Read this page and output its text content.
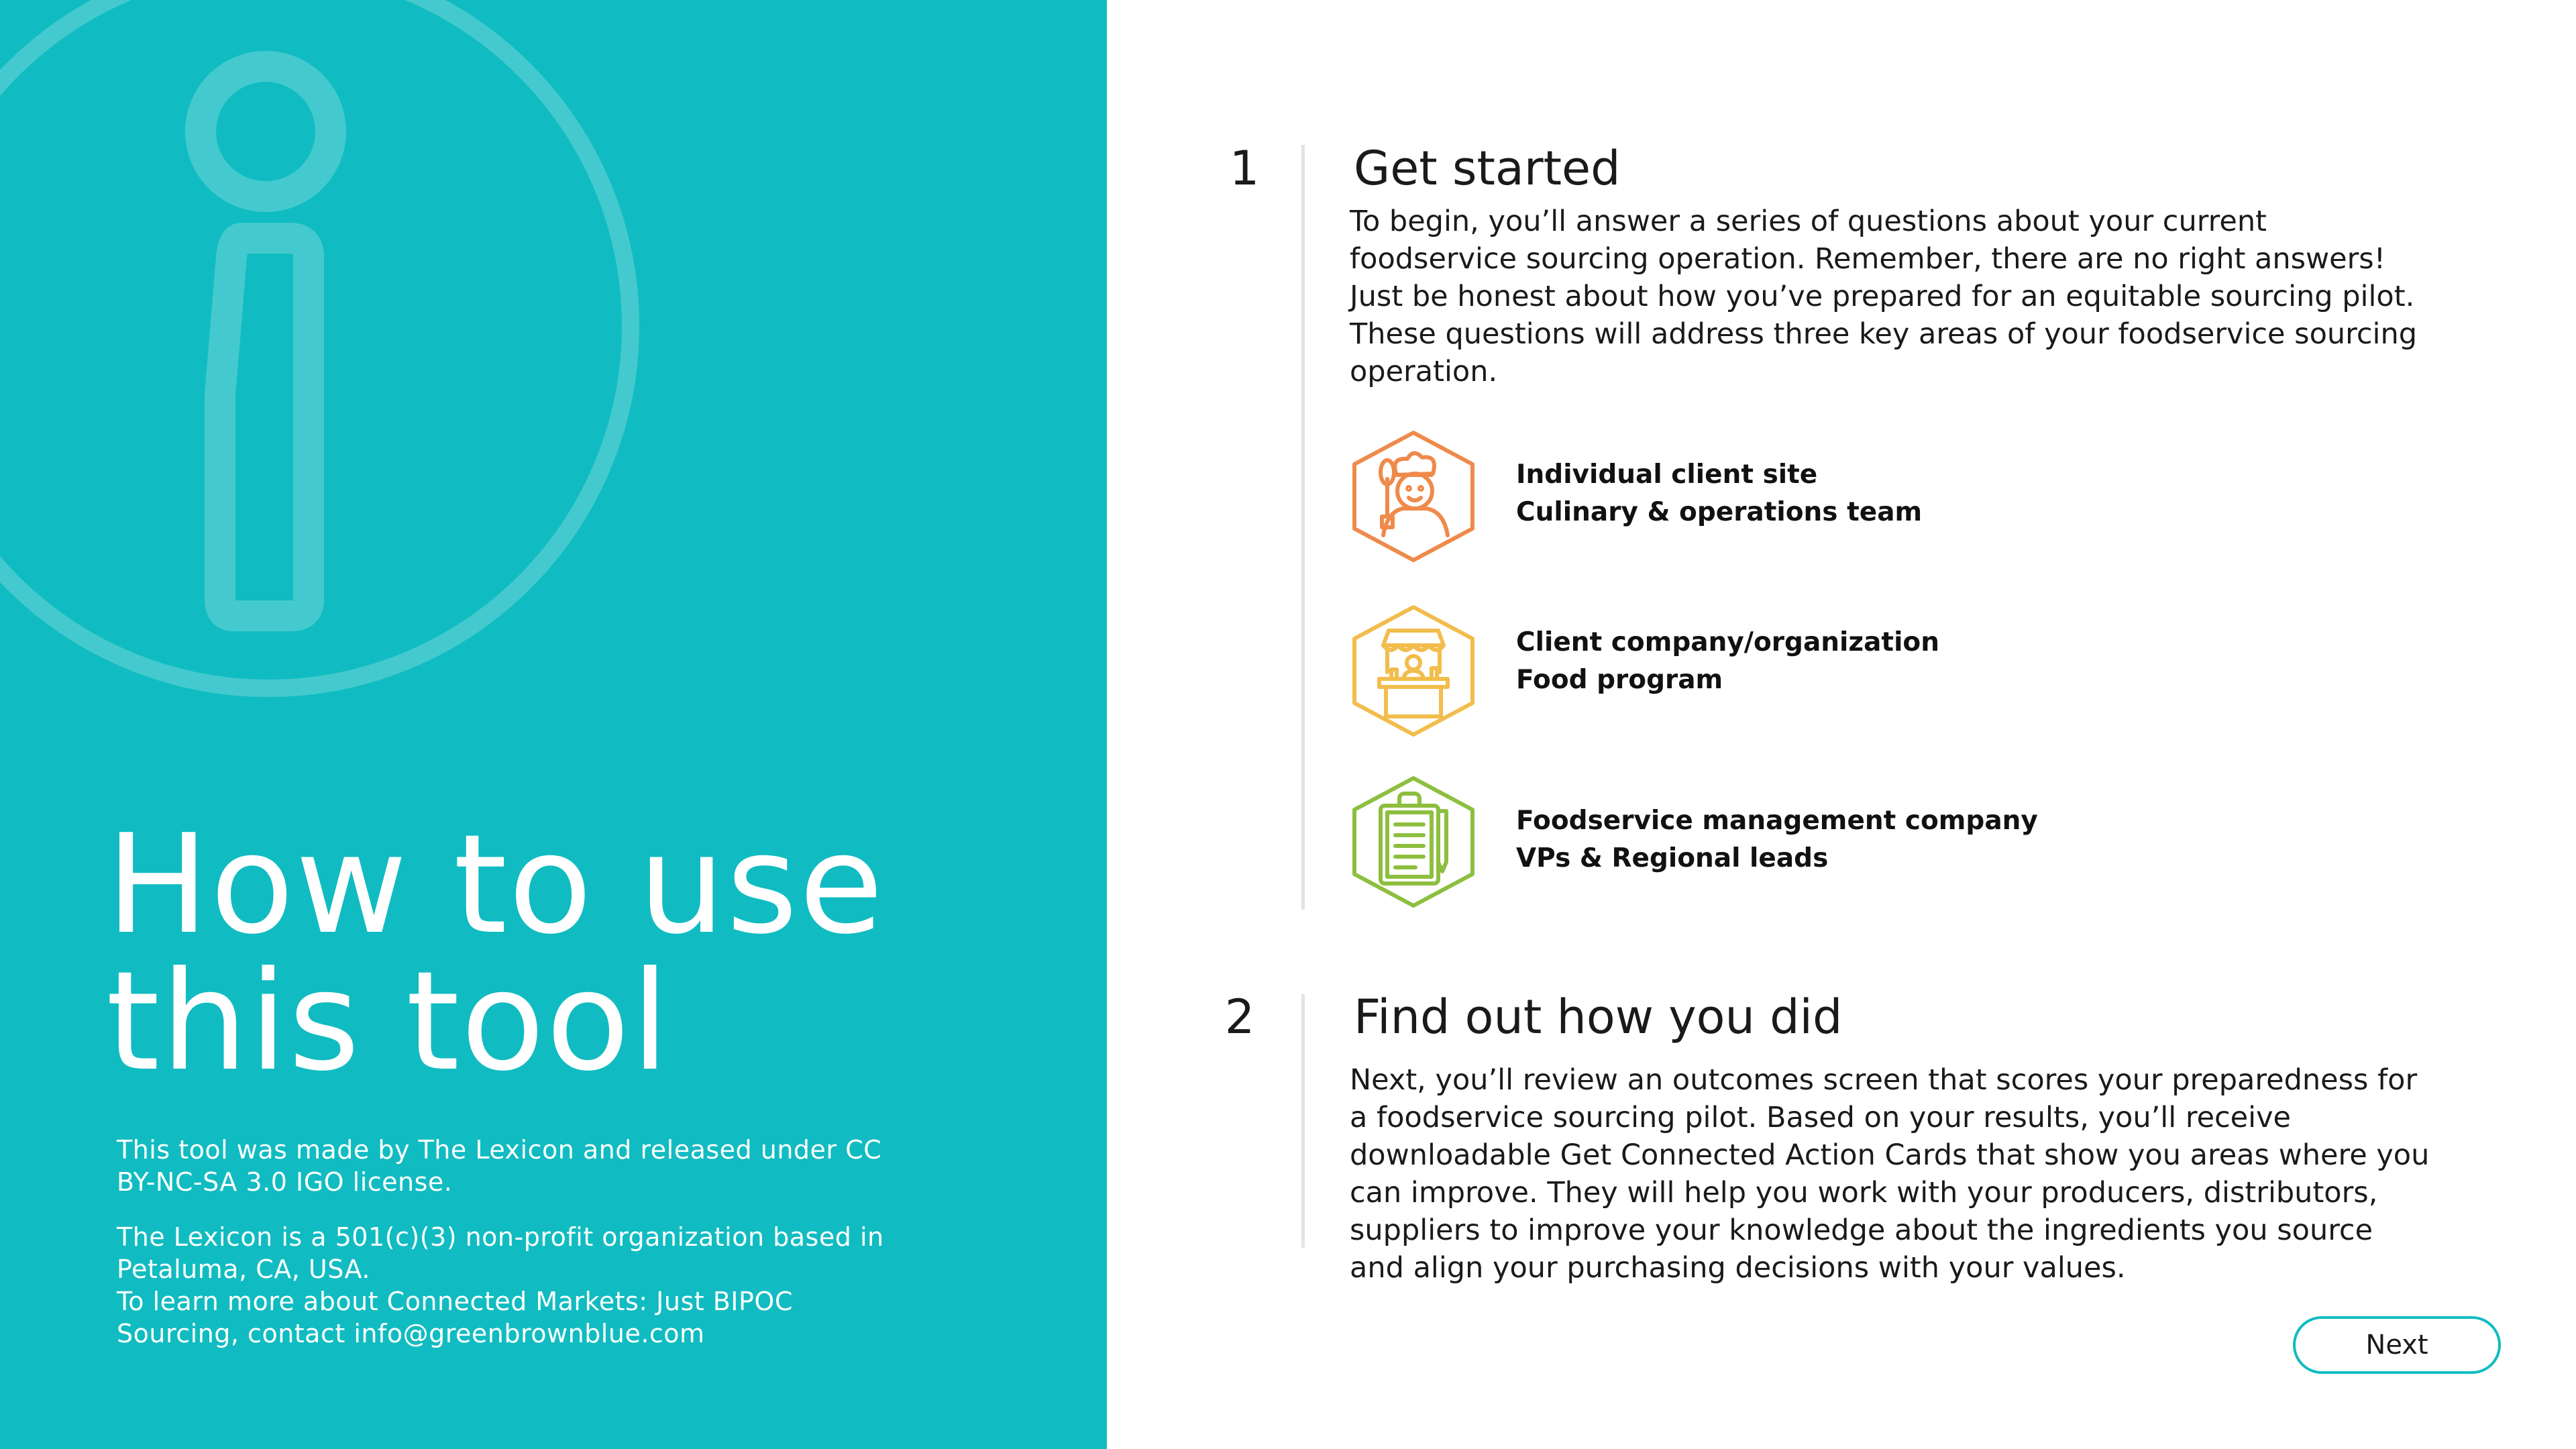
How to use
this tool

This tool was made by The Lexicon and released under CC BY-NC-SA 3.0 IGO license.

The Lexicon is a 501(c)(3) non-profit organization based in Petaluma, CA, USA.

To learn more about Connected Markets: Just BIPOC Sourcing, contact info@greenbrownblue.com

1 Get started

To begin, you’ll answer a series of questions about your current foodservice sourcing operation. Remember, there are no right answers! Just be honest about how you’ve prepared for an equitable sourcing pilot. These questions will address three key areas of your foodservice sourcing operation.

Individual client site
Culinary & operations team
Client company/organization
Food program
Foodservice management company
VPs & Regional leads
2 Find out how you did

Next, you’ll review an outcomes screen that scores your preparedness for a foodservice sourcing pilot. Based on your results, you’ll receive downloadable Get Connected Action Cards that show you areas where you can improve. They will help you work with your producers, distributors, suppliers to improve your knowledge about the ingredients you source and align your purchasing decisions with your values.

Next
